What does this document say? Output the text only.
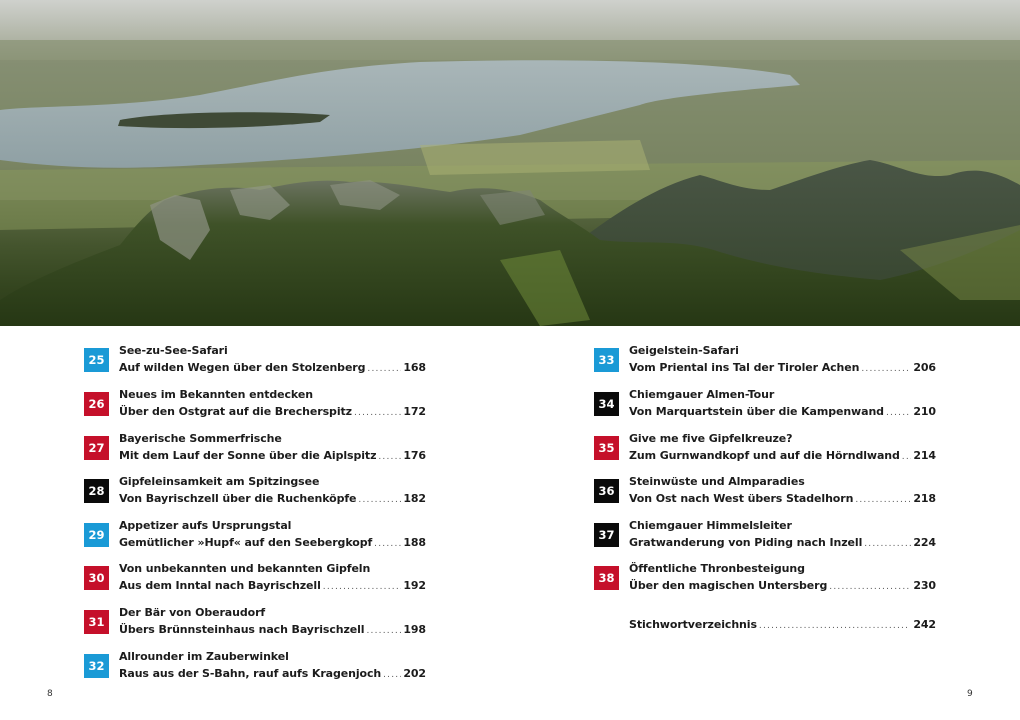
25
See-zu-See-Safari
Auf wilden Wegen über den Stolzenberg .....	168
26
Neues im Bekannten entdecken
Über den Ostgrat auf die Brecherspitz .....	172
27
Bayerische Sommerfrische
Mit dem Lauf der Sonne über die Aiplspitz ..... 176
28
Gipfeleinsamkeit am Spitzingsee
Von Bayrischzell über die Ruchenköpfe .....	182
29
Appetizer aufs Ursprungstal
Gemütlicher »Hupf« auf den Seebergkopf .....	188
30
Von unbekannten und bekannten Gipfeln
Aus dem Inntal nach Bayrischzell .....	192
31
Der Bär von Oberaudorf
Übers Brünnsteinhaus nach Bayrischzell .....	198
32
Allrounder im Zauberwinkel
Raus aus der S-Bahn, rauf aufs Kragenjoch ..... 202
33
Geigelstein-Safari
Vom Priental ins Tal der Tiroler Achen .....	206
34
Chiemgauer Almen-Tour
Von Marquartstein über die Kampenwand .....	210
35
Give me five Gipfelkreuze?
Zum Gurnwandkopf und auf die Hörndlwand ..... 214
36
Steinwüste und Almparadies
Von Ost nach West übers Stadelhorn .....	218
37
Chiemgauer Himmelsleiter
Gratwanderung von Piding nach Inzell .....	224
38
Öffentliche Thronbesteigung
Über den magischen Untersberg .....	230
Stichwortverzeichnis .....	242
8	9
